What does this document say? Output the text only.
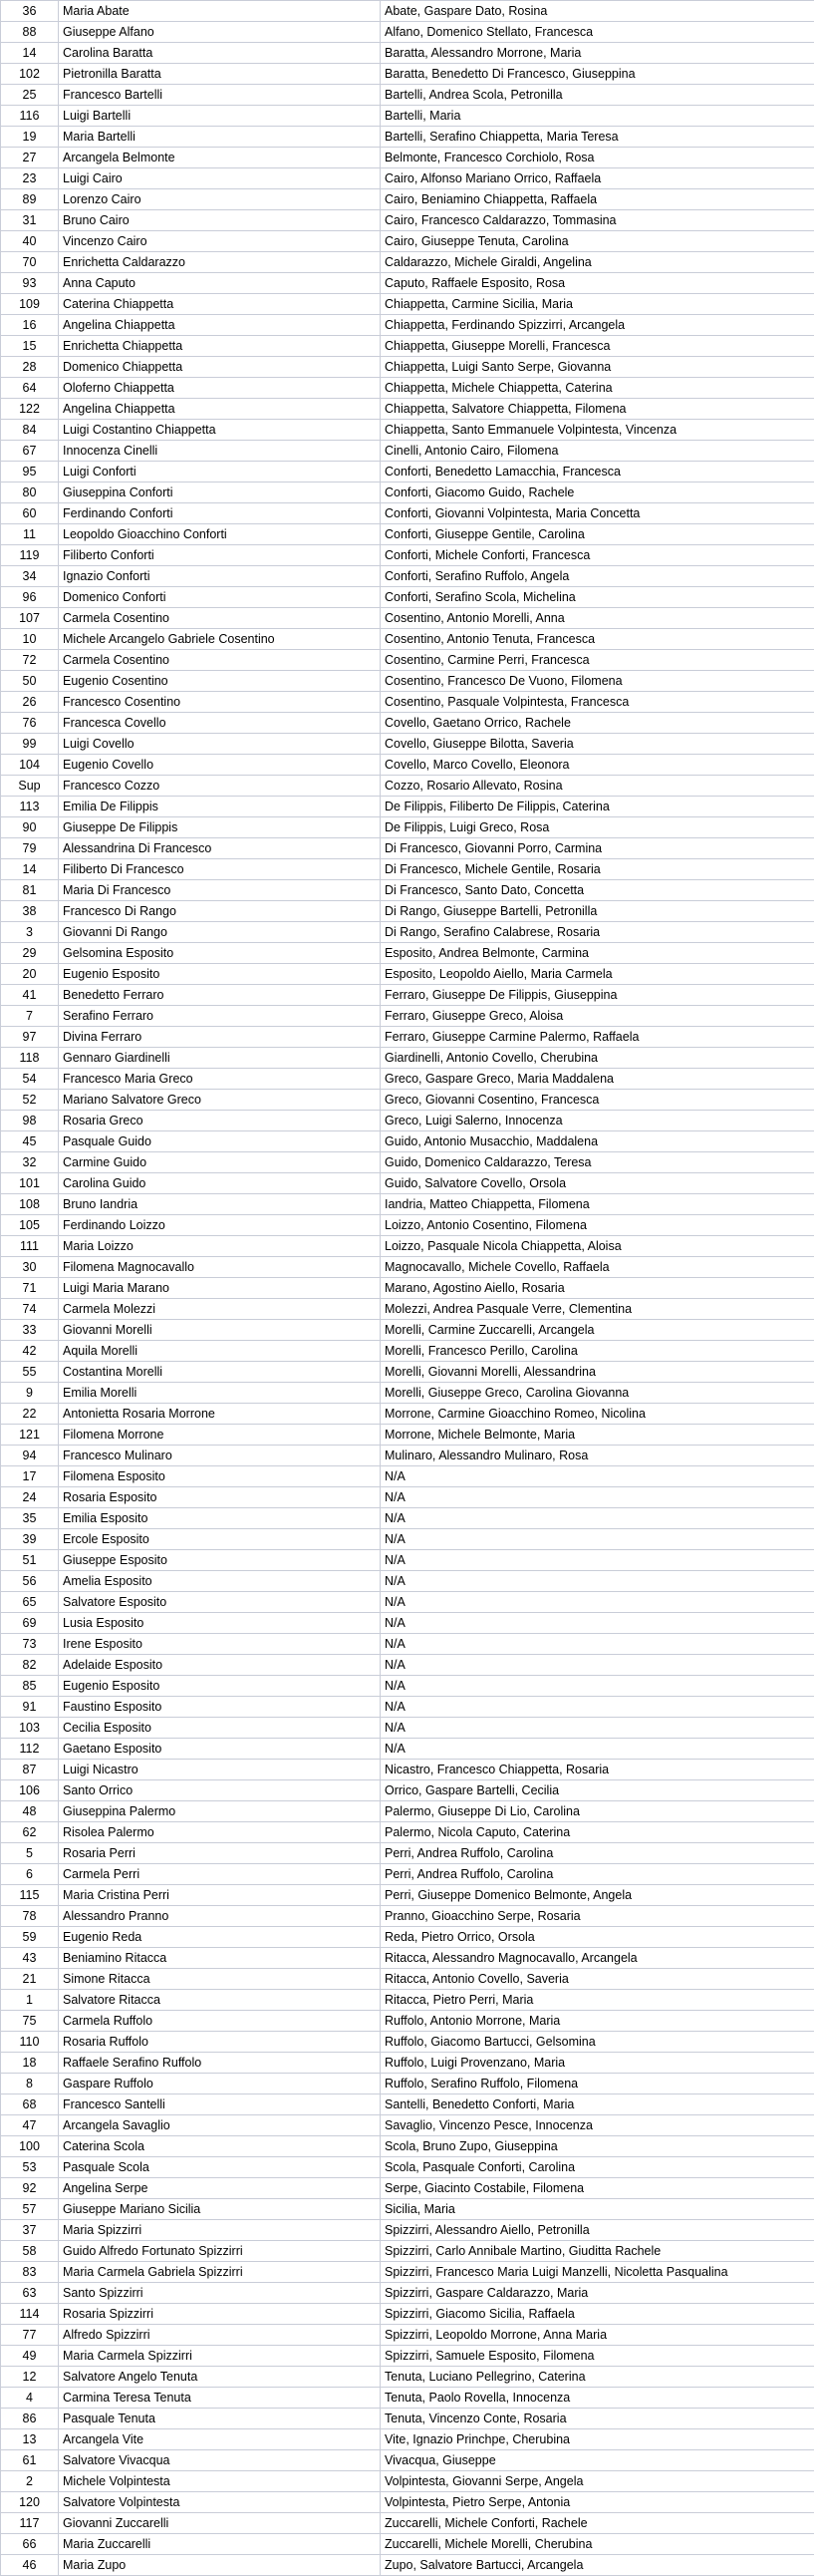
36	Maria Abate	Abate, Gaspare Dato, Rosina
88	Giuseppe Alfano	Alfano, Domenico Stellato, Francesca
14	Carolina Baratta	Baratta, Alessandro Morrone, Maria
102	Pietronilla Baratta	Baratta, Benedetto Di Francesco, Giuseppina
25	Francesco Bartelli	Bartelli, Andrea Scola, Petronilla
116	Luigi Bartelli	Bartelli, Maria
19	Maria Bartelli	Bartelli, Serafino Chiappetta, Maria Teresa
27	Arcangela Belmonte	Belmonte, Francesco Corchiolo, Rosa
23	Luigi Cairo	Cairo, Alfonso Mariano Orrico, Raffaela
89	Lorenzo Cairo	Cairo, Beniamino Chiappetta, Raffaela
31	Bruno Cairo	Cairo, Francesco Caldarazzo, Tommasina
40	Vincenzo Cairo	Cairo, Giuseppe Tenuta, Carolina
70	Enrichetta Caldarazzo	Caldarazzo, Michele Giraldi, Angelina
93	Anna Caputo	Caputo, Raffaele Esposito, Rosa
109	Caterina Chiappetta	Chiappetta, Carmine Sicilia, Maria
16	Angelina Chiappetta	Chiappetta, Ferdinando Spizzirri, Arcangela
15	Enrichetta Chiappetta	Chiappetta, Giuseppe Morelli, Francesca
28	Domenico Chiappetta	Chiappetta, Luigi Santo Serpe, Giovanna
64	Oloferno Chiappetta	Chiappetta, Michele Chiappetta, Caterina
122	Angelina Chiappetta	Chiappetta, Salvatore Chiappetta, Filomena
84	Luigi Costantino Chiappetta	Chiappetta, Santo Emmanuele Volpintesta, Vincenza
67	Innocenza Cinelli	Cinelli, Antonio Cairo, Filomena
95	Luigi Conforti	Conforti, Benedetto Lamacchia, Francesca
80	Giuseppina Conforti	Conforti, Giacomo Guido, Rachele
60	Ferdinando Conforti	Conforti, Giovanni Volpintesta, Maria Concetta
11	Leopoldo Gioacchino Conforti	Conforti, Giuseppe Gentile, Carolina
119	Filiberto Conforti	Conforti, Michele Conforti, Francesca
34	Ignazio Conforti	Conforti, Serafino Ruffolo, Angela
96	Domenico Conforti	Conforti, Serafino Scola, Michelina
107	Carmela Cosentino	Cosentino, Antonio Morelli, Anna
10	Michele Arcangelo Gabriele Cosentino	Cosentino, Antonio Tenuta, Francesca
72	Carmela Cosentino	Cosentino, Carmine Perri, Francesca
50	Eugenio Cosentino	Cosentino, Francesco De Vuono, Filomena
26	Francesco Cosentino	Cosentino, Pasquale Volpintesta, Francesca
76	Francesca Covello	Covello, Gaetano Orrico, Rachele
99	Luigi Covello	Covello, Giuseppe Bilotta, Saveria
104	Eugenio Covello	Covello, Marco Covello, Eleonora
Sup	Francesco Cozzo	Cozzo, Rosario Allevato, Rosina
113	Emilia De Filippis	De Filippis, Filiberto De Filippis, Caterina
90	Giuseppe De Filippis	De Filippis, Luigi Greco, Rosa
79	Alessandrina Di Francesco	Di Francesco, Giovanni Porro, Carmina
14	Filiberto Di Francesco	Di Francesco, Michele Gentile, Rosaria
81	Maria Di Francesco	Di Francesco, Santo Dato, Concetta
38	Francesco Di Rango	Di Rango, Giuseppe Bartelli, Petronilla
3	Giovanni Di Rango	Di Rango, Serafino Calabrese, Rosaria
29	Gelsomina Esposito	Esposito, Andrea Belmonte, Carmina
20	Eugenio Esposito	Esposito, Leopoldo Aiello, Maria Carmela
41	Benedetto Ferraro	Ferraro, Giuseppe De Filippis, Giuseppina
7	Serafino Ferraro	Ferraro, Giuseppe Greco, Aloisa
97	Divina Ferraro	Ferraro, Giuseppe Carmine Palermo, Raffaela
118	Gennaro Giardinelli	Giardinelli, Antonio Covello, Cherubina
54	Francesco Maria Greco	Greco, Gaspare Greco, Maria Maddalena
52	Mariano Salvatore Greco	Greco, Giovanni Cosentino, Francesca
98	Rosaria Greco	Greco, Luigi Salerno, Innocenza
45	Pasquale Guido	Guido, Antonio Musacchio, Maddalena
32	Carmine Guido	Guido, Domenico Caldarazzo, Teresa
101	Carolina Guido	Guido, Salvatore Covello, Orsola
108	Bruno Iandria	Iandria, Matteo Chiappetta, Filomena
105	Ferdinando Loizzo	Loizzo, Antonio Cosentino, Filomena
111	Maria Loizzo	Loizzo, Pasquale Nicola Chiappetta, Aloisa
30	Filomena Magnocavallo	Magnocavallo, Michele Covello, Raffaela
71	Luigi Maria Marano	Marano, Agostino Aiello, Rosaria
74	Carmela Molezzi	Molezzi, Andrea Pasquale Verre, Clementina
33	Giovanni Morelli	Morelli, Carmine Zuccarelli, Arcangela
42	Aquila Morelli	Morelli, Francesco Perillo, Carolina
55	Costantina Morelli	Morelli, Giovanni Morelli, Alessandrina
9	Emilia Morelli	Morelli, Giuseppe Greco, Carolina Giovanna
22	Antonietta Rosaria Morrone	Morrone, Carmine Gioacchino Romeo, Nicolina
121	Filomena Morrone	Morrone, Michele Belmonte, Maria
94	Francesco Mulinaro	Mulinaro, Alessandro Mulinaro, Rosa
17	Filomena Esposito	N/A
24	Rosaria Esposito	N/A
35	Emilia Esposito	N/A
39	Ercole Esposito	N/A
51	Giuseppe Esposito	N/A
56	Amelia Esposito	N/A
65	Salvatore Esposito	N/A
69	Lusia Esposito	N/A
73	Irene Esposito	N/A
82	Adelaide Esposito	N/A
85	Eugenio Esposito	N/A
91	Faustino Esposito	N/A
103	Cecilia Esposito	N/A
112	Gaetano Esposito	N/A
87	Luigi Nicastro	Nicastro, Francesco Chiappetta, Rosaria
106	Santo Orrico	Orrico, Gaspare Bartelli, Cecilia
48	Giuseppina Palermo	Palermo, Giuseppe Di Lio, Carolina
62	Risolea Palermo	Palermo, Nicola Caputo, Caterina
5	Rosaria Perri	Perri, Andrea Ruffolo, Carolina
6	Carmela Perri	Perri, Andrea Ruffolo, Carolina
115	Maria Cristina Perri	Perri, Giuseppe Domenico Belmonte, Angela
78	Alessandro Pranno	Pranno, Gioacchino Serpe, Rosaria
59	Eugenio Reda	Reda, Pietro Orrico, Orsola
43	Beniamino Ritacca	Ritacca, Alessandro Magnocavallo, Arcangela
21	Simone Ritacca	Ritacca, Antonio Covello, Saveria
1	Salvatore Ritacca	Ritacca, Pietro Perri, Maria
75	Carmela Ruffolo	Ruffolo, Antonio Morrone, Maria
110	Rosaria Ruffolo	Ruffolo, Giacomo Bartucci, Gelsomina
18	Raffaele Serafino Ruffolo	Ruffolo, Luigi Provenzano, Maria
8	Gaspare Ruffolo	Ruffolo, Serafino Ruffolo, Filomena
68	Francesco Santelli	Santelli, Benedetto Conforti, Maria
47	Arcangela Savaglio	Savaglio, Vincenzo Pesce, Innocenza
100	Caterina Scola	Scola, Bruno Zupo, Giuseppina
53	Pasquale Scola	Scola, Pasquale Conforti, Carolina
92	Angelina Serpe	Serpe, Giacinto Costabile, Filomena
57	Giuseppe Mariano Sicilia	Sicilia, Maria
37	Maria Spizzirri	Spizzirri, Alessandro Aiello, Petronilla
58	Guido Alfredo Fortunato Spizzirri	Spizzirri, Carlo Annibale Martino, Giuditta Rachele
83	Maria Carmela Gabriela Spizzirri	Spizzirri, Francesco Maria Luigi Manzelli, Nicoletta Pasqualina
63	Santo Spizzirri	Spizzirri, Gaspare Caldarazzo, Maria
114	Rosaria Spizzirri	Spizzirri, Giacomo Sicilia, Raffaela
77	Alfredo Spizzirri	Spizzirri, Leopoldo Morrone, Anna Maria
49	Maria Carmela Spizzirri	Spizzirri, Samuele Esposito, Filomena
12	Salvatore Angelo Tenuta	Tenuta, Luciano Pellegrino, Caterina
4	Carmina Teresa Tenuta	Tenuta, Paolo Rovella, Innocenza
86	Pasquale Tenuta	Tenuta, Vincenzo Conte, Rosaria
13	Arcangela Vite	Vite, Ignazio Princhpe, Cherubina
61	Salvatore Vivacqua	Vivacqua, Giuseppe
2	Michele Volpintesta	Volpintesta, Giovanni Serpe, Angela
120	Salvatore Volpintesta	Volpintesta, Pietro Serpe, Antonia
117	Giovanni Zuccarelli	Zuccarelli, Michele Conforti, Rachele
66	Maria Zuccarelli	Zuccarelli, Michele Morelli, Cherubina
46	Maria Zupo	Zupo, Salvatore Bartucci, Arcangela
